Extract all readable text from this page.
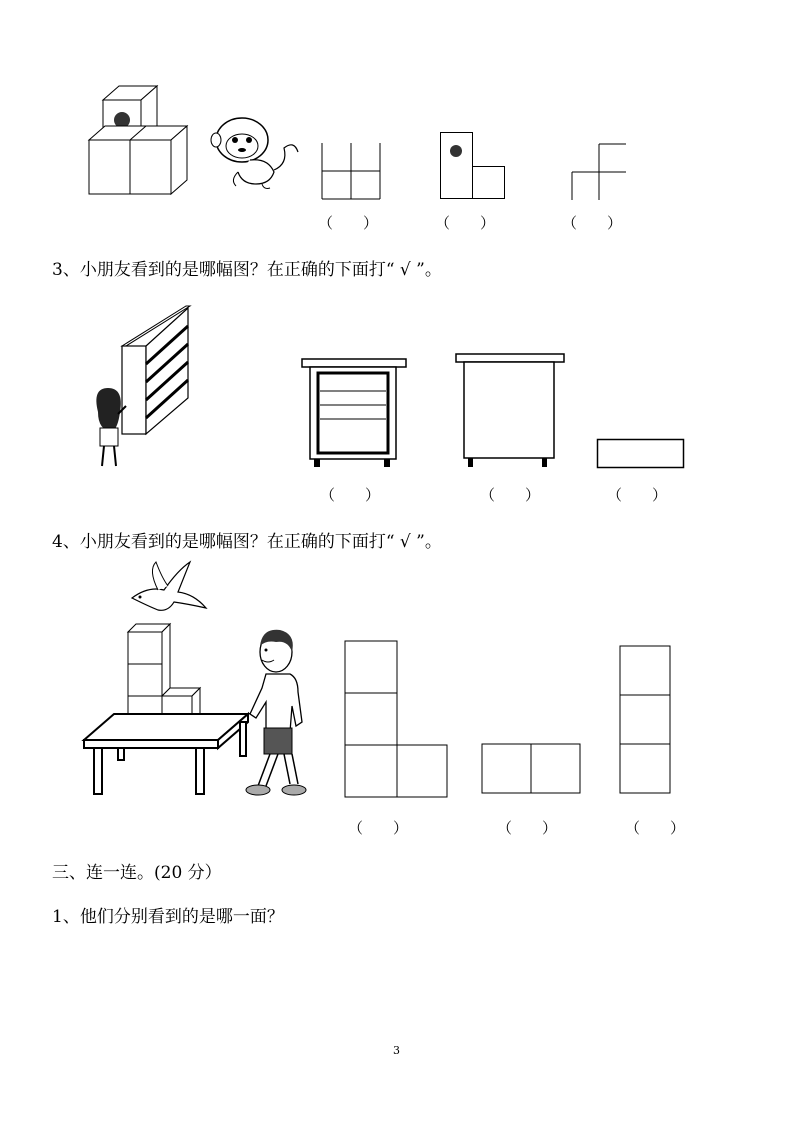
（　　）	（　　）	（　　）
3、小朋友看到的是哪幅图？在正确的下面打“ √ ”。
（　　）	（　　）	（　　）
4、小朋友看到的是哪幅图？在正确的下面打“ √ ”。
（　　）	（　　）	（　　）
三、连一连。(20 分）
1、他们分别看到的是哪一面？
3
